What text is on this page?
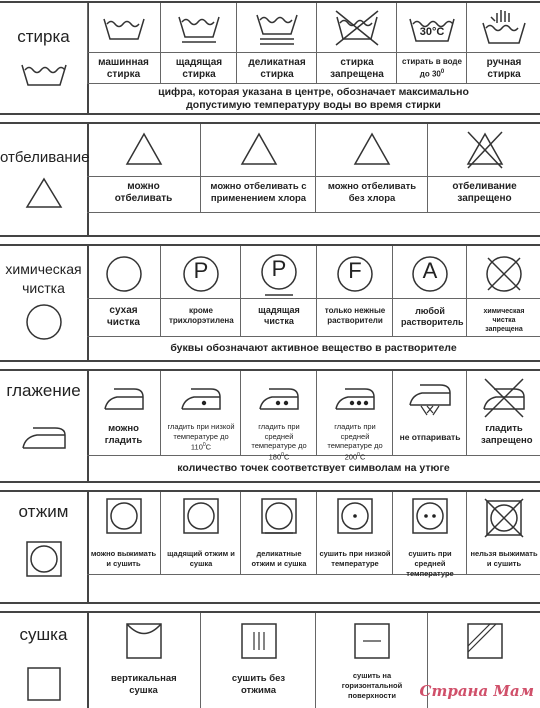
стирка
машинная стирка
щадящая стирка
деликатная стирка
стирка запрещена
30°C
стирать в воде до $30^0$
ручная стирка
цифра, которая указана в центре, обозначает максимально допустимую температуру воды во время стирки
отбеливание
можно отбеливать
можно отбеливать с применением хлора
можно отбеливать без хлора
отбеливание запрещено
химическая чистка
сухая чистка
P
кроме трихлорэтилена
P
щадящая чистка
F
только нежные растворители
A
любой растворитель
химическая чистка запрещена
буквы обозначают активное вещество в растворителе
глажение
можно гладить
гладить при низкой температуре до $110^0C$
гладить при средней температуре до $180^0C$
гладить при средней температуре до $200^0C$
не отпаривать
гладить запрещено
количество точек соответствует символам на утюге
отжим
можно выжимать и сушить
щадящий отжим и сушка
деликатные отжим и сушка
сушить при низкой температуре
сушить при средней температуре
нельзя выжимать и сушить
сушка
вертикальная сушка
сушить без отжима
сушить на горизонтальной поверхности	Страна Мам
